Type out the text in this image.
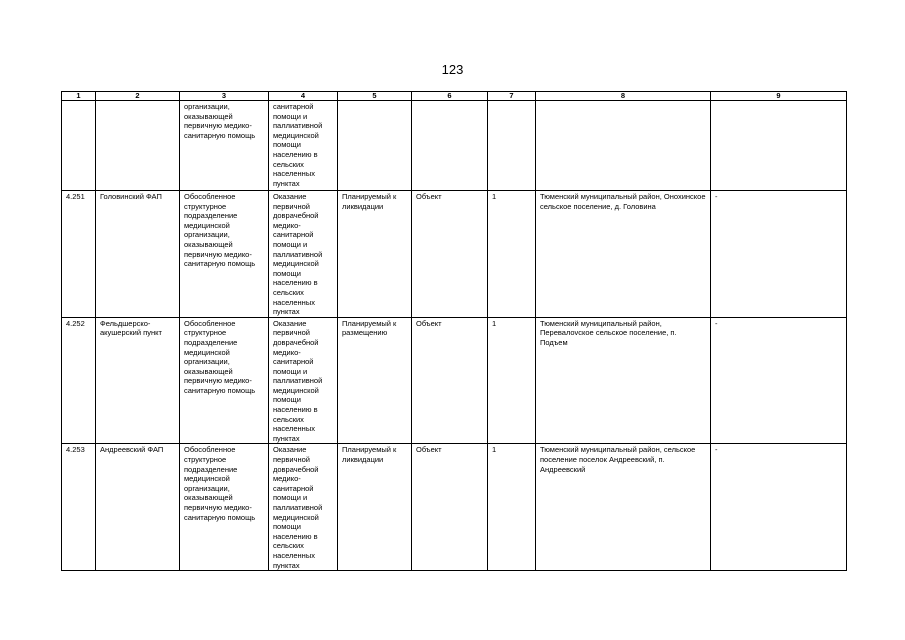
123
1	2	3	4	5	6	7	8	9
		организации, оказывающей первичную медико-санитарную помощь	санитарной помощи и паллиативной медицинской помощи населению в сельских населенных пунктах					
4.251	Головинский ФАП	Обособленное структурное подразделение медицинской организации, оказывающей первичную медико-санитарную помощь	Оказание первичной доврачебной медико-санитарной помощи и паллиативной медицинской помощи населению в сельских населенных пунктах	Планируемый к ликвидации	Объект	1	Тюменский муниципальный район, Онохинское сельское поселение, д. Головина	-
4.252	Фельдшерско-акушерский пункт	Обособленное структурное подразделение медицинской организации, оказывающей первичную медико-санитарную помощь	Оказание первичной доврачебной медико-санитарной помощи и паллиативной медицинской помощи населению в сельских населенных пунктах	Планируемый к размещению	Объект	1	Тюменский муниципальный район, Перевалovское сельское поселение, п. Подъем	-
4.253	Андреевский ФАП	Обособленное структурное подразделение медицинской организации, оказывающей первичную медико-санитарную помощь	Оказание первичной доврачебной медико-санитарной помощи и паллиативной медицинской помощи населению в сельских населенных пунктах	Планируемый к ликвидации	Объект	1	Тюменский муниципальный район, сельское поселение поселок Андреевский, п. Андреевский	-
